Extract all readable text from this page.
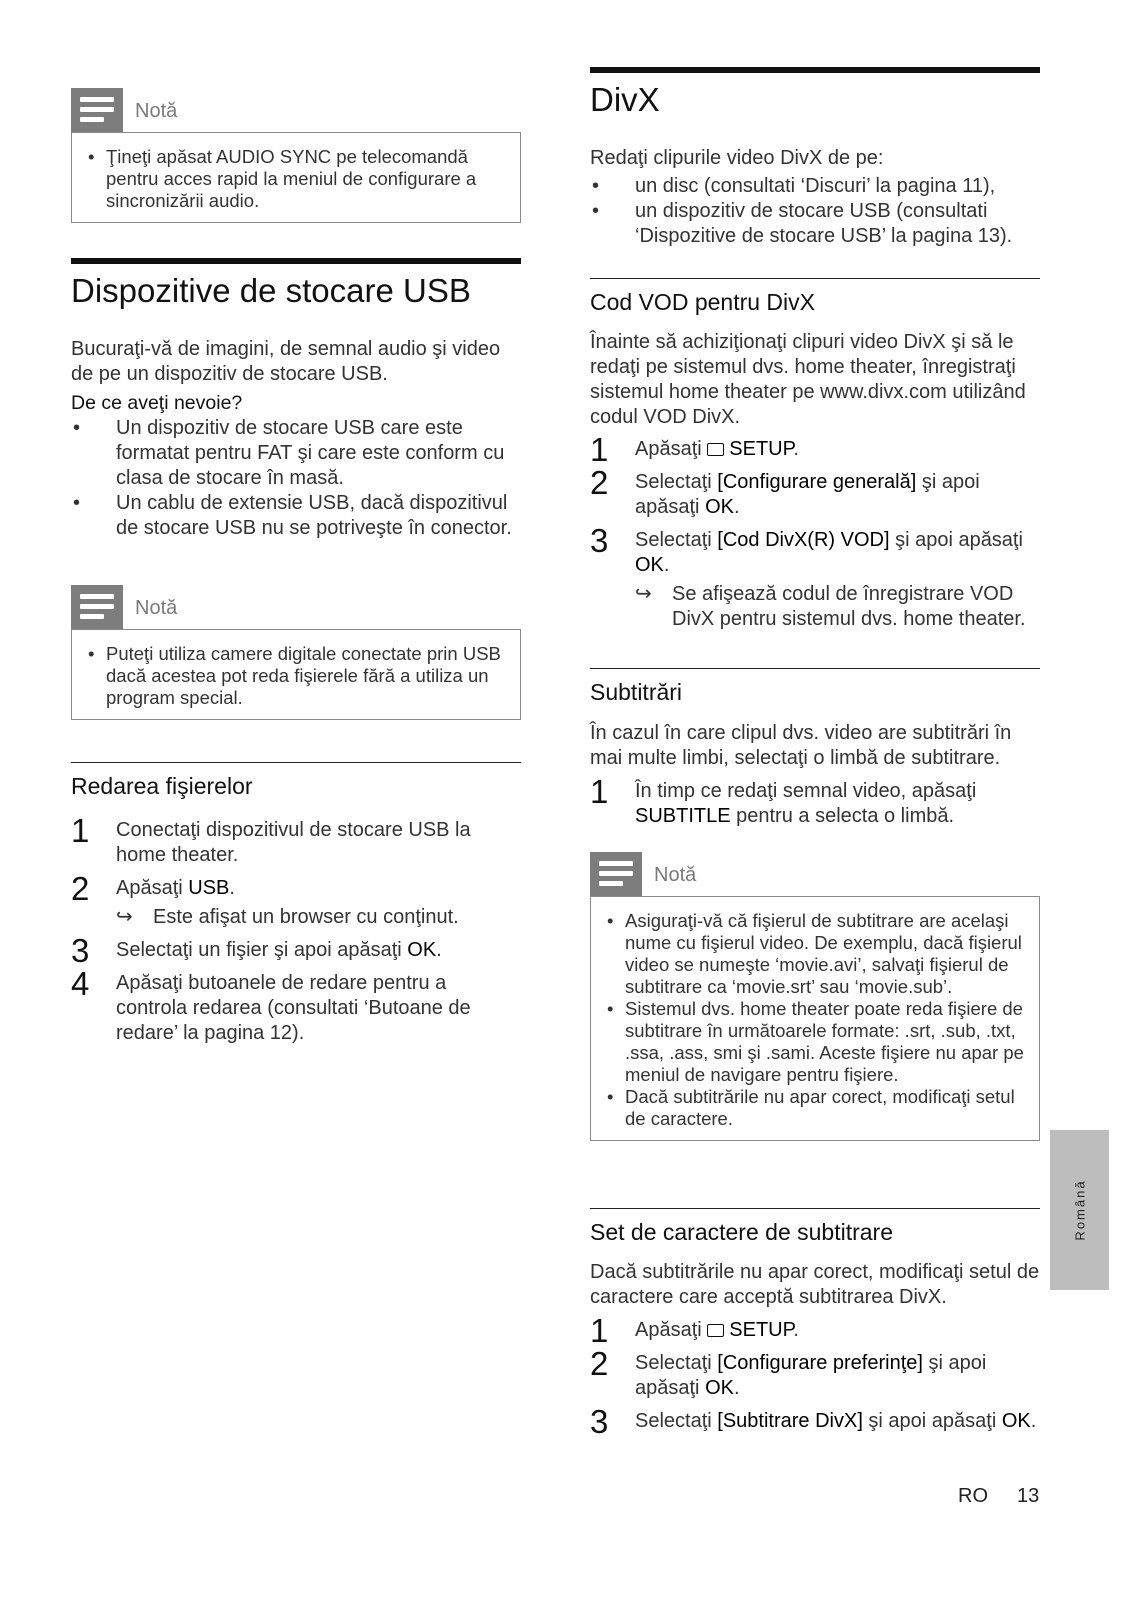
Notă
• Ţineţi apăsat AUDIO SYNC pe telecomandă pentru acces rapid la meniul de configurare a sincronizării audio.
Dispozitive de stocare USB
Bucuraţi-vă de imagini, de semnal audio şi video de pe un dispozitiv de stocare USB.
De ce aveţi nevoie?
• Un dispozitiv de stocare USB care este formatat pentru FAT şi care este conform cu clasa de stocare în masă.
• Un cablu de extensie USB, dacă dispozitivul de stocare USB nu se potriveşte în conector.
Notă
• Puteţi utiliza camere digitale conectate prin USB dacă acestea pot reda fişierele fără a utiliza un program special.
Redarea fişierelor
1 Conectaţi dispozitivul de stocare USB la home theater.
2 Apăsaţi USB.
↪ Este afişat un browser cu conţinut.
3 Selectaţi un fişier şi apoi apăsaţi OK.
4 Apăsaţi butoanele de redare pentru a controla redarea (consultati ‘Butoane de redare’ la pagina 12).
DivX
Redaţi clipurile video DivX de pe:
• un disc (consultati ‘Discuri’ la pagina 11),
• un dispozitiv de stocare USB (consultati ‘Dispozitive de stocare USB’ la pagina 13).
Cod VOD pentru DivX
Înainte să achiziţionaţi clipuri video DivX şi să le redaţi pe sistemul dvs. home theater, înregistraţi sistemul home theater pe www.divx.com utilizând codul VOD DivX.
1 Apăsaţi SETUP.
2 Selectaţi [Configurare generală] şi apoi apăsaţi OK.
3 Selectaţi [Cod DivX(R) VOD] şi apoi apăsaţi OK.
↪ Se afişează codul de înregistrare VOD DivX pentru sistemul dvs. home theater.
Subtitrări
În cazul în care clipul dvs. video are subtitrări în mai multe limbi, selectaţi o limbă de subtitrare.
1 În timp ce redaţi semnal video, apăsaţi SUBTITLE pentru a selecta o limbă.
Notă
• Asiguraţi-vă că fişierul de subtitrare are acelaşi nume cu fişierul video. De exemplu, dacă fişierul video se numeşte ‘movie.avi’, salvaţi fişierul de subtitrare ca ‘movie.srt’ sau ‘movie.sub’.
• Sistemul dvs. home theater poate reda fişiere de subtitrare în următoarele formate: .srt, .sub, .txt, .ssa, .ass, smi şi .sami. Aceste fişiere nu apar pe meniul de navigare pentru fişiere.
• Dacă subtitrările nu apar corect, modificaţi setul de caractere.
Set de caractere de subtitrare
Dacă subtitrările nu apar corect, modificaţi setul de caractere care acceptă subtitrarea DivX.
1 Apăsaţi SETUP.
2 Selectaţi [Configurare preferinţe] şi apoi apăsaţi OK.
3 Selectaţi [Subtitrare DivX] şi apoi apăsaţi OK.
Română
RO 13
